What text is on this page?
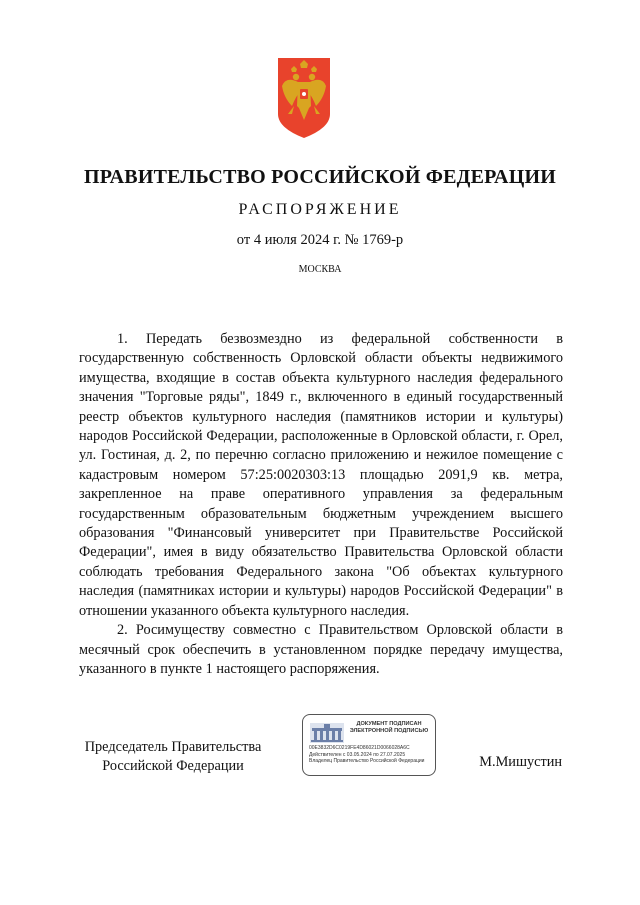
ПРАВИТЕЛЬСТВО РОССИЙСКОЙ ФЕДЕРАЦИИ
РАСПОРЯЖЕНИЕ
от 4 июля 2024 г. № 1769-р
МОСКВА

1. Передать безвозмездно из федеральной собственности в государственную собственность Орловской области объекты недвижимого имущества, входящие в состав объекта культурного наследия федерального значения "Торговые ряды", 1849 г., включенного в единый государственный реестр объектов культурного наследия (памятников истории и культуры) народов Российской Федерации, расположенные в Орловской области, г. Орел, ул. Гостиная, д. 2, по перечню согласно приложению и нежилое помещение с кадастровым номером 57:25:0020303:13 площадью 2091,9 кв. метра, закрепленное на праве оперативного управления за федеральным государственным образовательным бюджетным учреждением высшего образования "Финансовый университет при Правительстве Российской Федерации", имея в виду обязательство Правительства Орловской области соблюдать требования Федерального закона "Об объектах культурного наследия (памятниках истории и культуры) народов Российской Федерации" в отношении указанного объекта культурного наследия.

2. Росимуществу совместно с Правительством Орловской области в месячный срок обеспечить в установленном порядке передачу имущества, указанного в пункте 1 настоящего распоряжения.

Председатель Правительства Российской Федерации
ДОКУМЕНТ ПОДПИСАН ЭЛЕКТРОННОЙ ПОДПИСЬЮ
00E3832D6C0219FE4D86021D0066028A6C
Действителен с 03.05.2024 по 27.07.2025
Владелец Правительство Российской Федерации	М.Мишустин
